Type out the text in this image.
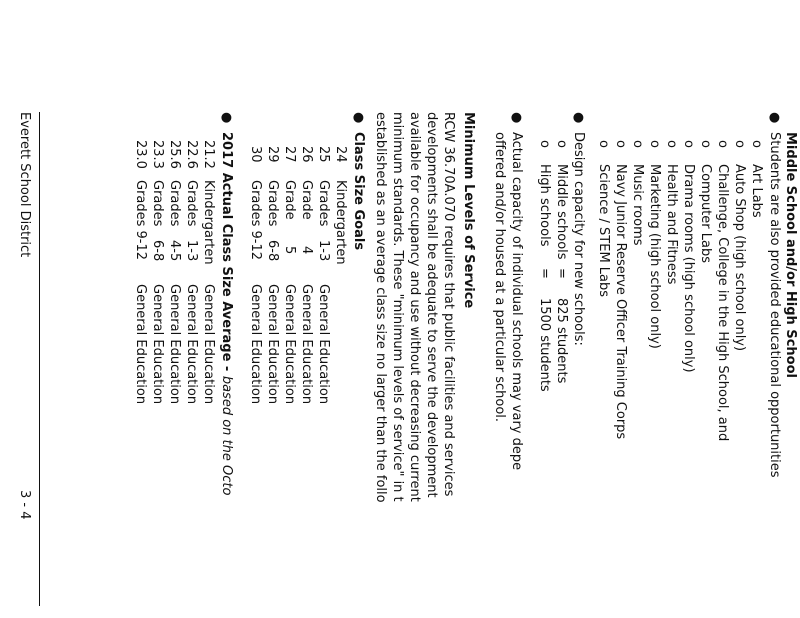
Middle School and/or High School
●
Students are also provided educational opportunities
o
Art Labs
o
Auto Shop (high school only)
o
Challenge, College in the High School, and
o
Computer Labs
o
Drama rooms (high school only)
o
Health and Fitness
o
Marketing (high school only)
o
Music rooms
o
Navy Junior Reserve Officer Training Corps
o
Science / STEM Labs
●
Design capacity for new schools:
o
Middle schools
=
825 students
o
High schools
=
1500 students
●
Actual capacity of individual schools may vary depe
offered and/or housed at a particular school.
Minimum Levels of Service
RCW 36.70A.070 requires that public facilities and services
developments shall be adequate to serve the development
available for occupancy and use without decreasing current
minimum standards. These "minimum levels of service" in t
established as an average class size no larger than the follo
●
Class Size Goals
24
Kindergarten
25
Grades
1-3
General Education
26
Grade
4
General Education
27
Grade
5
General Education
29
Grades
6-8
General Education
30
Grades 9-12
General Education
●
2017 Actual Class Size Average - based on the Octo
21.2
Kindergarten
General Education
22.6
Grades
1-3
General Education
25.6
Grades
4-5
General Education
23.3
Grades
6-8
General Education
23.0
Grades 9-12
General Education
Everett School District
3 - 4
